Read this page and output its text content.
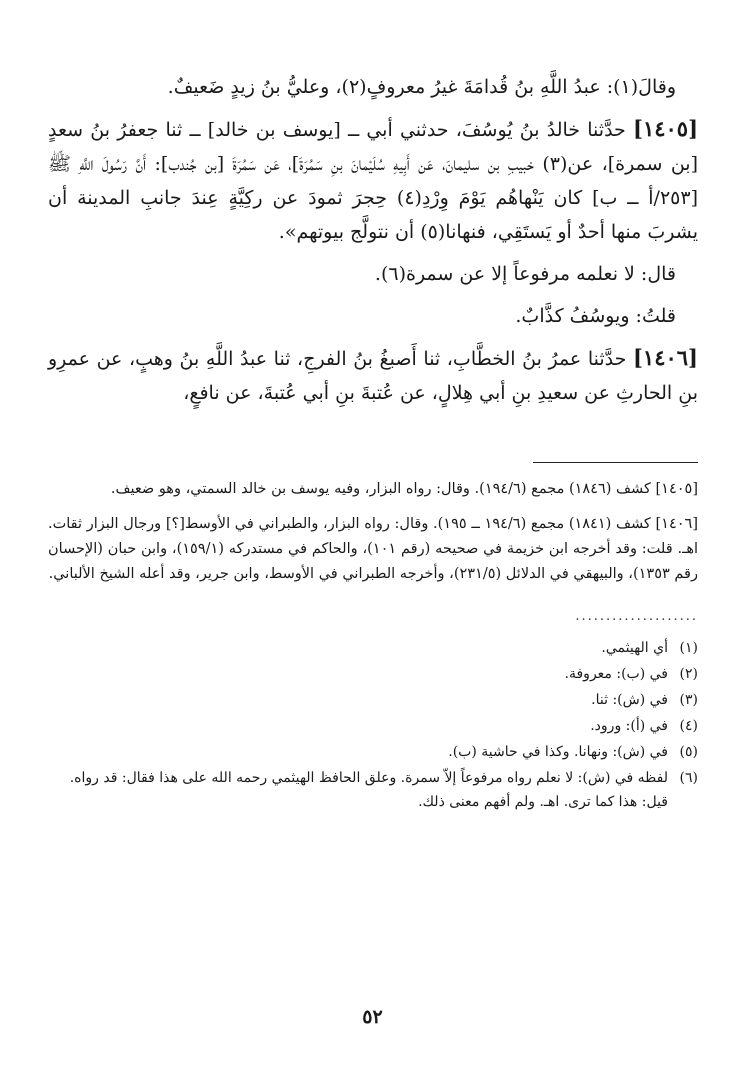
وقالَ(١): عبدُ اللَّهِ بنُ قُدامَةَ غيرُ معروفٍ(٢)، وعليُّ بنُ زيدٍ ضَعيفٌ.

[١٤٠٥] حدَّثنا خالدُ بنُ يُوسُفَ، حدثني أبي ــ [يوسف بن خالد] ــ ثنا جعفرُ بنُ سعدٍ [بن سمرة]، عن(٣) خبيبِ بن سليمانَ، عَن أَبِيهِ سُلَيْمانَ بنِ سَمُرَةَ]، عَن سَمُرَةَ [بن جُندب]: أَنَّ رَسُولَ اللَّهِ ﷺ [٢٥٣/أ ــ ب] كان يَنْهاهُم يَوْمَ وِرْدِ(٤) حِجرَ ثمودَ عن ركِيَّةٍ عِندَ جانبِ المدينة أن يشربَ منها أحدٌ أو يَستَقِي، فنهانا(٥) أن نتولَّج بيوتهم».

قال: لا نعلمه مرفوعاً إلا عن سمرة(٦).

قلتُ: ويوسُفُ كذَّابٌ.

[١٤٠٦] حدَّثنا عمرُ بنُ الخطَّابِ، ثنا أَصبغُ بنُ الفرجِ، ثنا عبدُ اللَّهِ بنُ وهبٍ، عن عمرِو بنِ الحارثِ عن سعيدِ بنِ أبي هِلالٍ، عن عُتبةَ بنِ أبي عُتبةَ، عن نافعٍ،

[١٤٠٥] كشف (١٨٤٦) مجمع (١٩٤/٦). وقال: رواه البزار، وفيه يوسف بن خالد السمتي، وهو ضعيف.

[١٤٠٦] كشف (١٨٤١) مجمع (١٩٤/٦ ــ ١٩٥). وقال: رواه البزار، والطبراني في الأوسط[؟] ورجال البزار ثقات. اهـ. قلت: وقد أخرجه ابن خزيمة في صحيحه (رقم ١٠١)، والحاكم في مستدركه (١٥٩/١)، وابن حبان (الإحسان رقم ١٣٥٣)، والبيهقي في الدلائل (٢٣١/٥)، وأخرجه الطبراني في الأوسط، وابن جرير، وقد أعله الشيخ الألباني.

....................
(١)
أي الهيثمي.
(٢)
في (ب): معروفة.
(٣)
في (ش): ثنا.
(٤)
في (أ): ورود.
(٥)
في (ش): ونهانا. وكذا في حاشية (ب).
(٦)
لفظه في (ش): لا نعلم رواه مرفوعاً إلاّ سمرة. وعلق الحافظ الهيثمي رحمه الله على هذا فقال: قد رواه. قيل: هذا كما ترى. اهـ. ولم أفهم معنى ذلك.
٥٢
